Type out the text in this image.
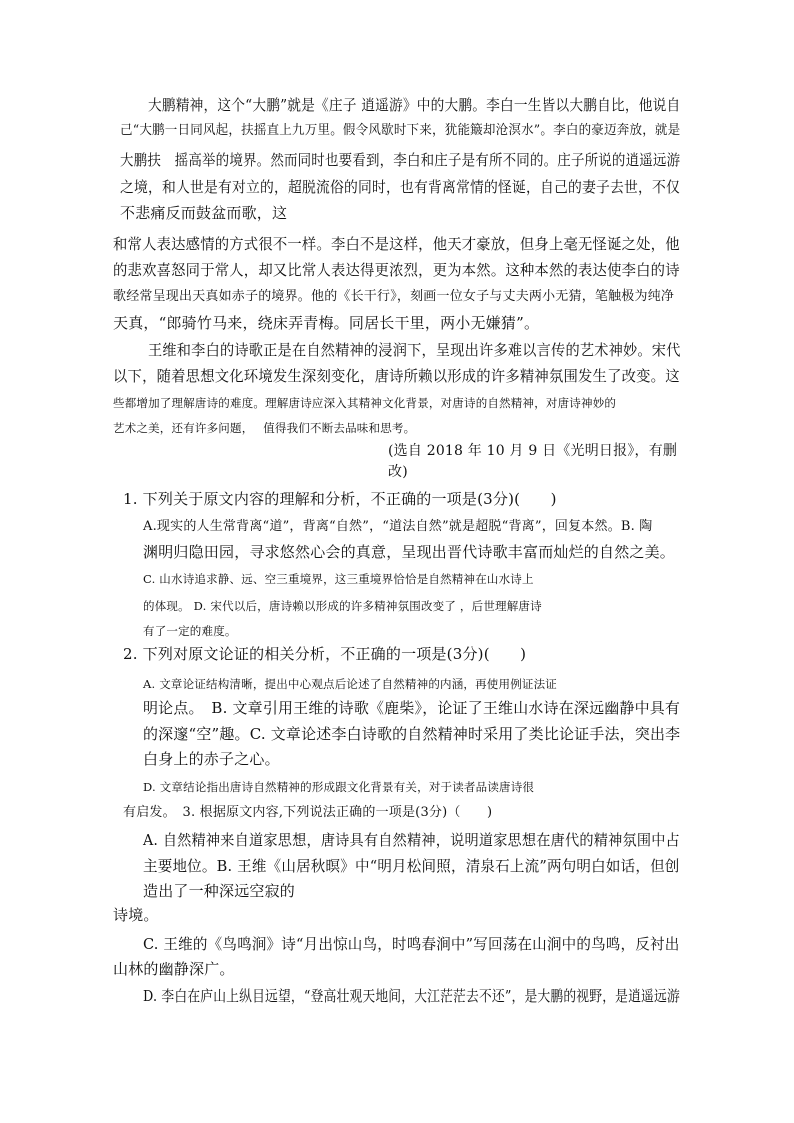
大鹏精神，这个“大鹏”就是《庄子 逍遥游》中的大鹏。李白一生皆以大鹏自比，他说自
己“大鹏一日同风起，扶摇直上九万里。假令风歇时下来，犹能簸却沧溟水”。李白的豪迈奔放，就是
大鹏扶　摇高举的境界。然而同时也要看到，李白和庄子是有所不同的。庄子所说的逍遥远游
之境，和人世是有对立的，超脱流俗的同时，也有背离常情的怪诞，自己的妻子去世，不仅
不悲痛反而鼓盆而歌，这
和常人表达感情的方式很不一样。李白不是这样，他天才豪放，但身上毫无怪诞之处，他
的悲欢喜怒同于常人，却又比常人表达得更浓烈，更为本然。这种本然的表达使李白的诗
歌经常呈现出天真如赤子的境界。他的《长干行》，刻画一位女子与丈夫两小无猜，笔触极为纯净
天真，“郎骑竹马来，绕床弄青梅。同居长干里，两小无嫌猜”。
王维和李白的诗歌正是在自然精神的浸润下，呈现出许多难以言传的艺术神妙。宋代
以下，随着思想文化环境发生深刻变化，唐诗所赖以形成的许多精神氛围发生了改变。这
些都增加了理解唐诗的难度。理解唐诗应深入其精神文化背景，对唐诗的自然精神，对唐诗神妙的
艺术之美，还有许多问题，　 值得我们不断去品味和思考。
(选自 2018 年 10 月 9 日《光明日报》，有删
改)
1. 下列关于原文内容的理解和分析，不正确的一项是(3分)(　　)
A.现实的人生常背离“道”，背离“自然”，“道法自然”就是超脱“背离”，回复本然。B. 陶
渊明归隐田园，寻求悠然心会的真意，呈现出晋代诗歌丰富而灿烂的自然之美。
C. 山水诗追求静、远、空三重境界，这三重境界恰恰是自然精神在山水诗上
的体现。 D. 宋代以后，唐诗赖以形成的许多精神氛围改变了 ，后世理解唐诗
有了一定的难度。
2. 下列对原文论证的相关分析，不正确的一项是(3分)(　　)
A. 文章论证结构清晰，提出中心观点后论述了自然精神的内涵，再使用例证法证
明论点。　B. 文章引用王维的诗歌《鹿柴》，论证了王维山水诗在深远幽静中具有
的深邃“空”趣。C. 文章论述李白诗歌的自然精神时采用了类比论证手法，突出李
白身上的赤子之心。
D. 文章结论指出唐诗自然精神的形成跟文化背景有关，对于读者品读唐诗很
有启发。　3. 根据原文内容,下列说法正确的一项是(3分)（　　)
A. 自然精神来自道家思想，唐诗具有自然精神，说明道家思想在唐代的精神氛围中占
主要地位。B. 王维《山居秋暝》中“明月松间照，清泉石上流”两句明白如话，但创
造出了一种深远空寂的
诗境。
C. 王维的《鸟鸣涧》诗“月出惊山鸟，时鸣春涧中”写回荡在山涧中的鸟鸣，反衬出
山林的幽静深广。
D. 李白在庐山上纵目远望，“登高壮观天地间，大江茫茫去不还”，是大鹏的视野，是逍遥远游
